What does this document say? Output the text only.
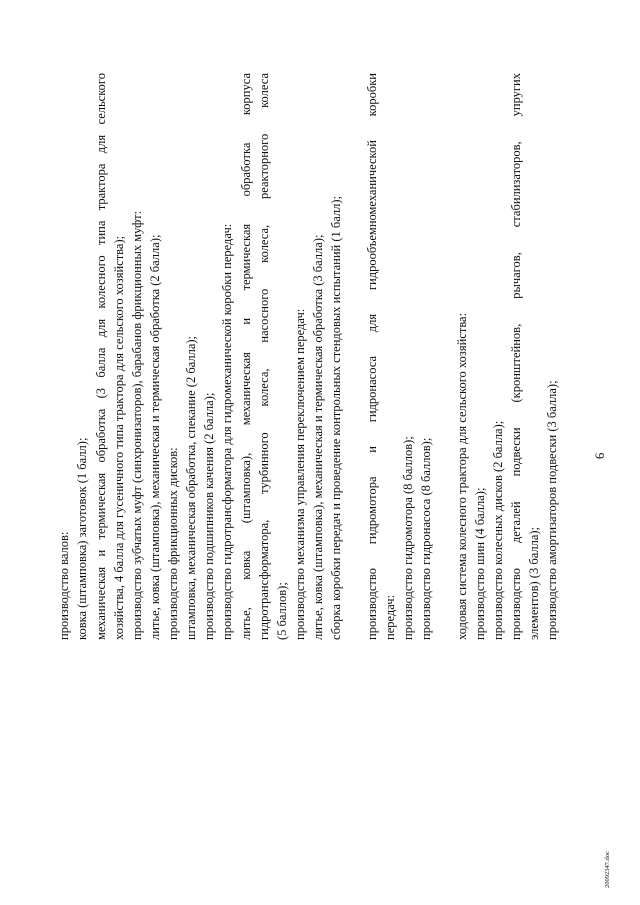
6
производство валов: ковка (штамповка) заготовок (1 балл); механическая и термическая обработка (3 балла для колесного типа трактора для сельского хозяйства, 4 балла для гусеничного типа трактора для сельского хозяйства); производство зубчатых муфт (синхронизаторов), барабанов фрикционных муфт: литье, ковка (штамповка), механическая и термическая обработка (2 балла); производство фрикционных дисков: штамповка, механическая обработка, спекание (2 балла); производство подшипников качения (2 балла); производство гидротрансформатора для гидромеханической коробки передач: литье, ковка (штамповка), механическая и термическая обработка корпуса гидротрансформатора, турбинного колеса, насосного колеса, реакторного колеса (5 баллов); производство механизма управления переключением передач: литье, ковка (штамповка), механическая и термическая обработка (3 балла); сборка коробки передач и проведение контрольных стендовых испытаний (1 балл); производство гидромотора и гидронасоса для гидрообъемномеханической коробки передач: производство гидромотора (8 баллов); производство гидронасоса (8 баллов); ходовая система колесного трактора для сельского хозяйства: производство шин (4 балла); производство колесных дисков (2 балла); производство деталей подвески (кронштейнов, рычагов, стабилизаторов, упругих элементов) (3 балла); производство амортизаторов подвески (3 балла);
20092347.doc
